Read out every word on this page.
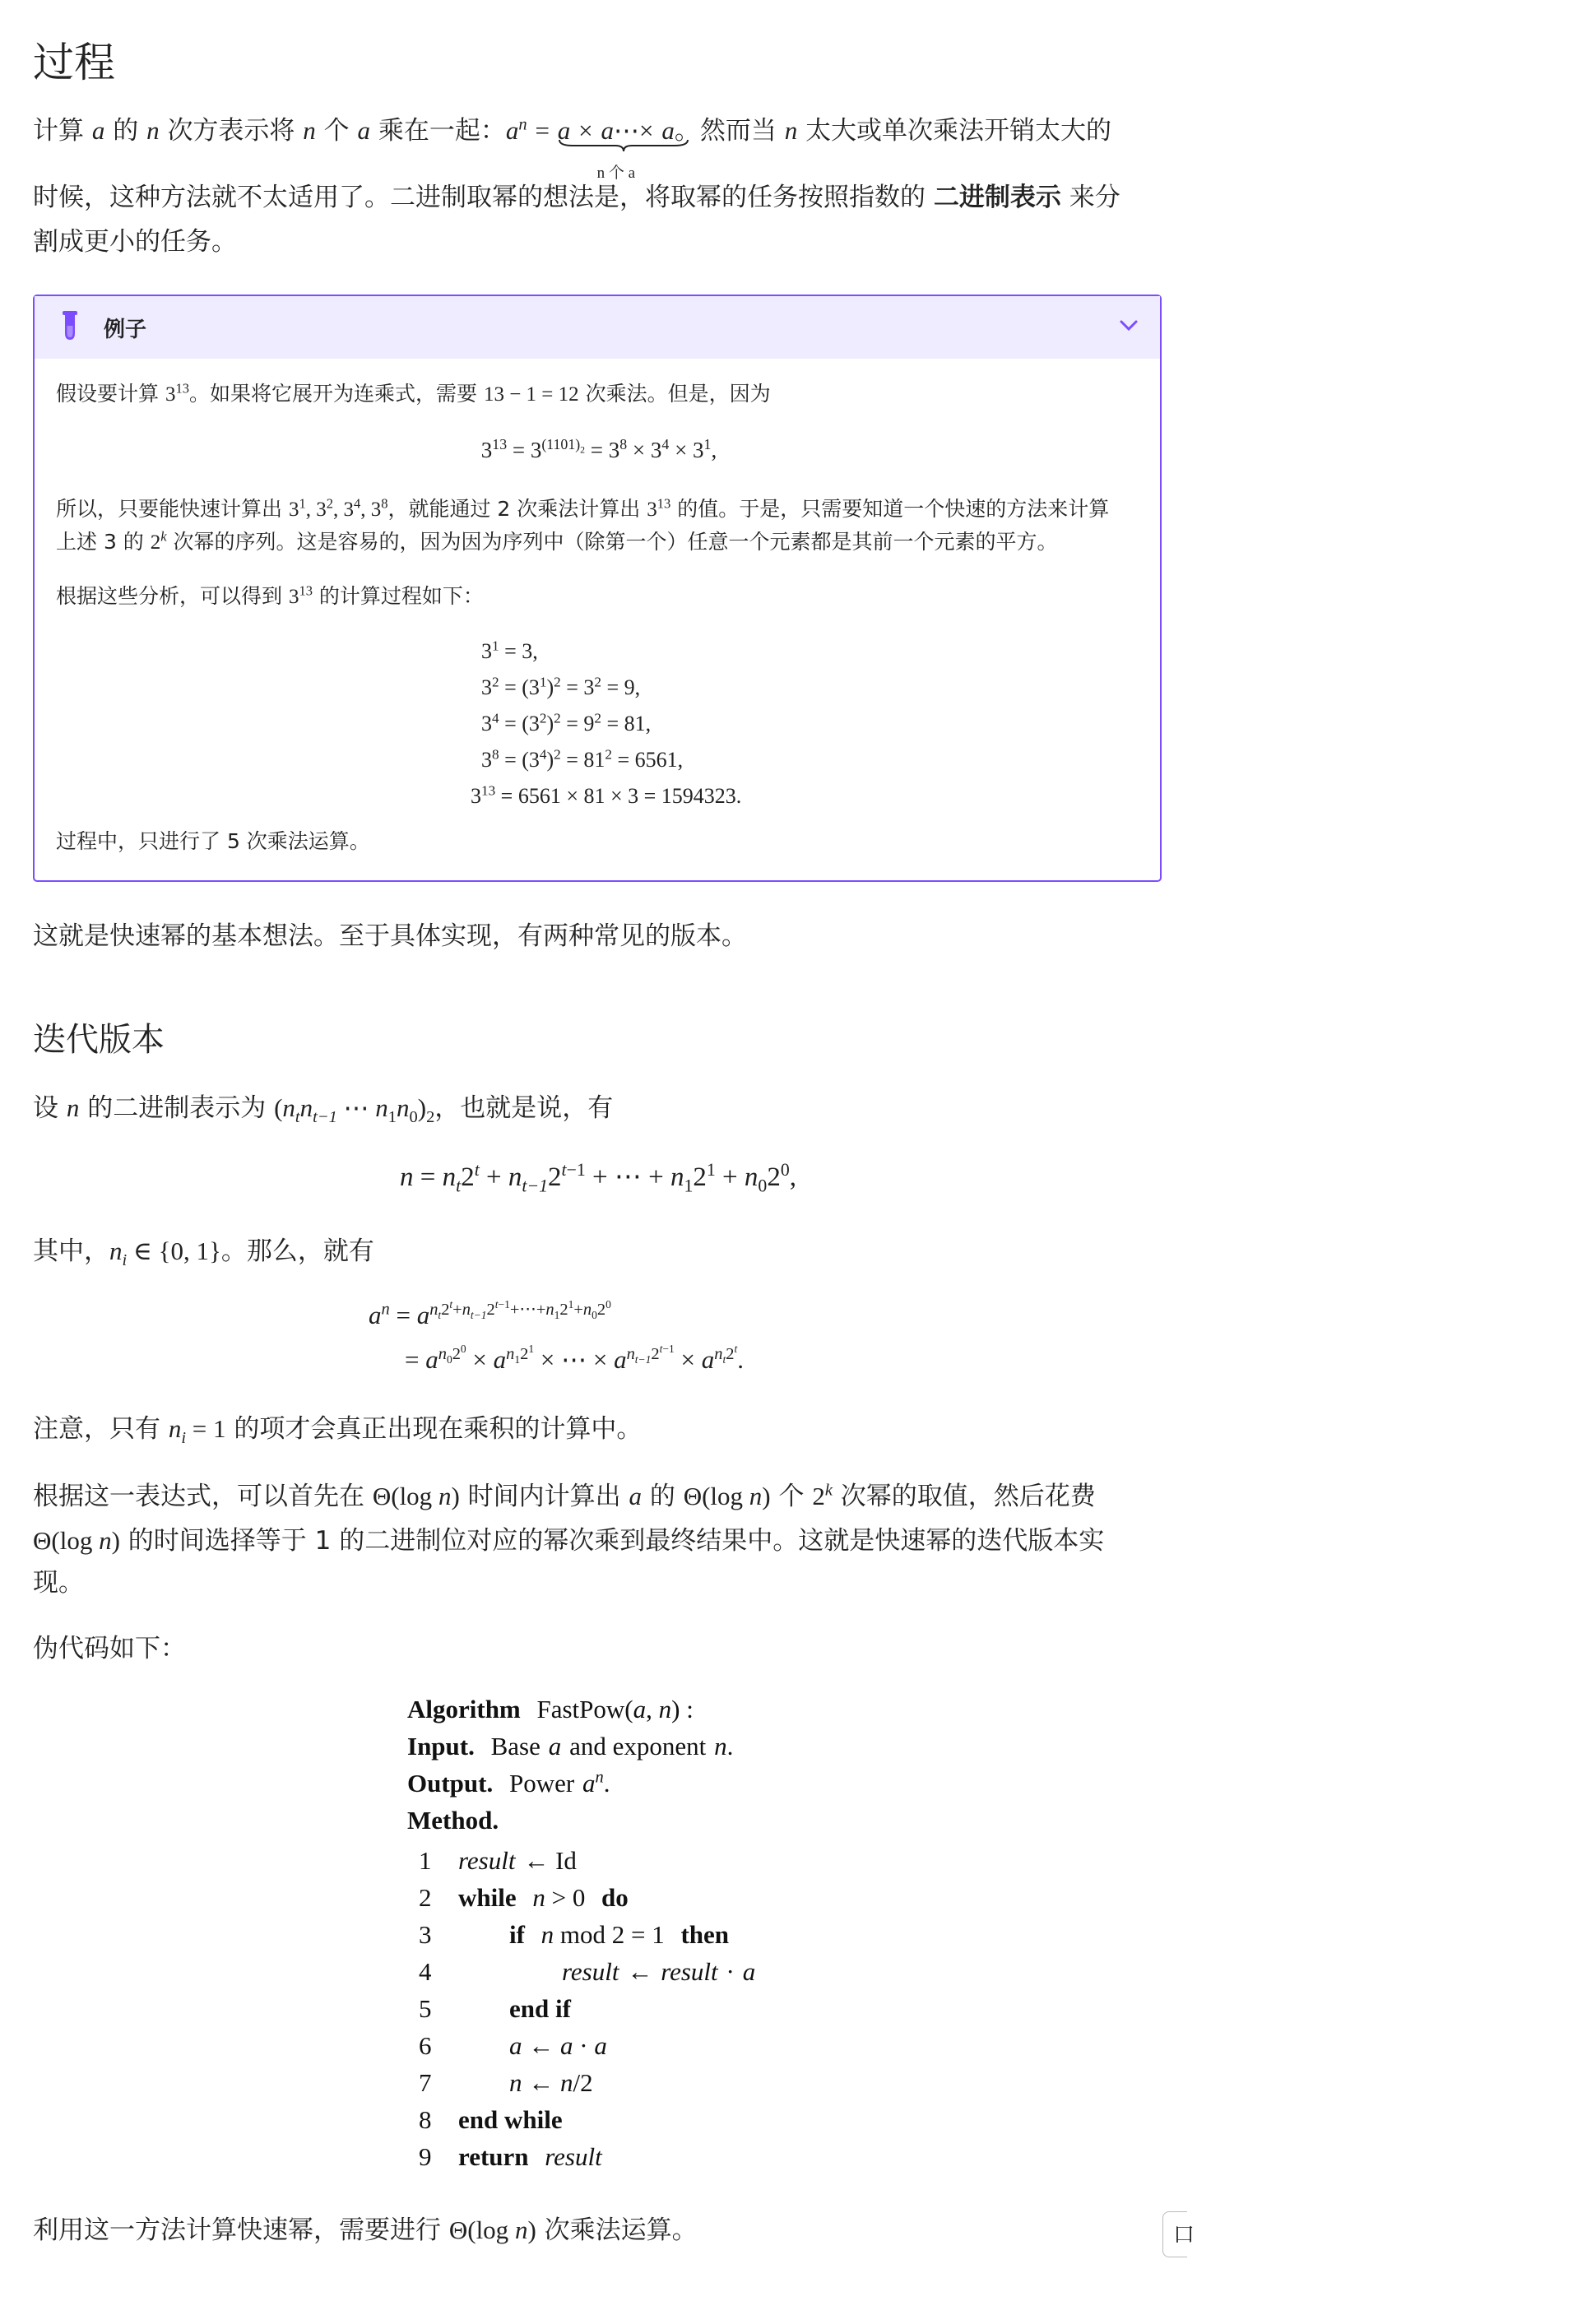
过程

计算 a 的 n 次方表示将 n 个 a 乘在一起：$a^n = a$ × a⋯× a
n 个 a
。然而当 n 太大或单次乘法开销太大的

时候，这种方法就不太适用了。二进制取幂的想法是，将取幂的任务按照指数的 二进制表示 来分

割成更小的任务。

例子

假设要计算 $3^{13}$。如果将它展开为连乘式，需要 13 − 1 = 12 次乘法。但是，因为

$3^{13} = 3^{(1101)_2} = 3^8 \times 3^4 \times 3^1$,

所以，只要能快速计算出 $3^1$, $3^2$, $3^4$, $3^8$，就能通过 2 次乘法计算出 $3^{13}$ 的值。于是，只需要知道一个快速的方法来计算

上述 3 的 2$^k$ 次幂的序列。这是容易的，因为因为序列中（除第一个）任意一个元素都是其前一个元素的平方。

根据这些分析，可以得到 $3^{13}$ 的计算过程如下：

$3^1 = 3$,
$3^2 = (3^1)^2 = 3^2 = 9$,
$3^4 = (3^2)^2 = 9^2 = 81$,
$3^8 = (3^4)^2 = 81^2 = 6561$,
$3^{13} = 6561 \times 81 \times 3 = 1594323$.

过程中，只进行了 5 次乘法运算。

这就是快速幂的基本想法。至于具体实现，有两种常见的版本。

迭代版本

设 n 的二进制表示为 ($n_tn_{t-1}$ ⋯ $n_1n_0)_2$，也就是说，有

$n = n_t2^t + n_{t-1}2^{t-1}$ + ⋯ + $n_12^1 + n_02^0$,

其中，$n_i$ ∈ {0, 1}。那么，就有

$a^n = a^{n_t2^t+n_{t-1}2^{t-1}+\cdots+n_12^1+n_02^0}$
= $a^{n_02^0} \times a^{n_12^1}$ × ⋯ × $a^{n_{t-1}2^{t-1}} \times a^{n_t2^t}$.

注意，只有 $n_i = 1$ 的项才会真正出现在乘积的计算中。

根据这一表达式，可以首先在 Θ(log n) 时间内计算出 a 的 Θ(log n) 个 2$^k$ 次幂的取值，然后花费

Θ(log n) 的时间选择等于 1 的二进制位对应的幂次乘到最终结果中。这就是快速幂的迭代版本实

现。

伪代码如下：

Algorithm FastPow(a, n) :
Input. Base a and exponent n.
Output. Power $a^n$.
Method.
1	result ← Id
2	while n > 0 do
3	if n mod 2 = 1 then
4	result ← result · a
5	end if
6	a ← a · a
7	n ← n/2
8	end while
9	return result

利用这一方法计算快速幂，需要进行 Θ(log n) 次乘法运算。	口
